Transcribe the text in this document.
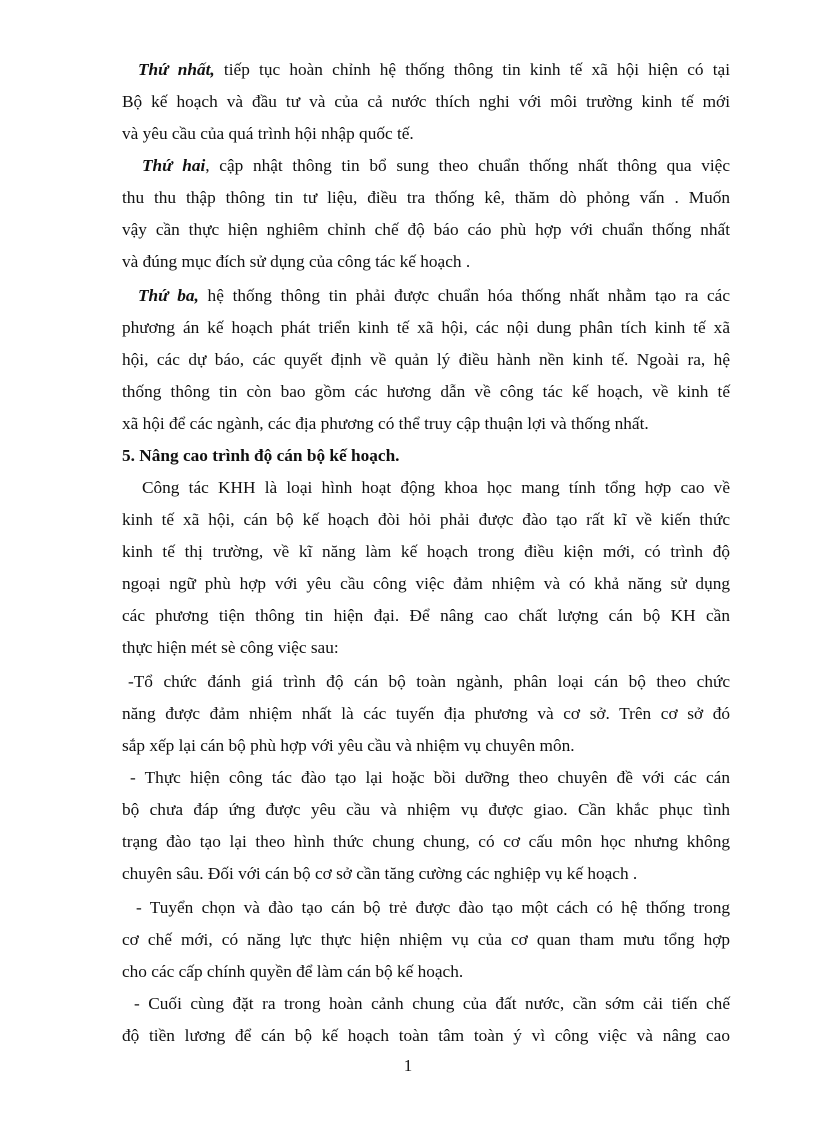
Thứ nhất, tiếp tục hoàn chỉnh hệ thống thông tin kinh tế xã hội hiện có tại
Bộ kế hoạch và đầu tư và của cả nước thích nghi với môi trường kinh tế mới
và yêu cầu của quá trình hội nhập quốc tế.
Thứ hai, cập nhật thông tin bổ sung theo chuẩn thống nhất thông qua việc
thu thu thập thông tin tư liệu, điều tra thống kê, thăm dò phỏng vấn . Muốn
vậy cần thực hiện nghiêm chỉnh chế độ báo cáo phù hợp với chuẩn thống nhất
và đúng mục đích sử dụng của công tác kế hoạch .
Thứ ba, hệ thống thông tin phải được chuẩn hóa thống nhất nhằm tạo ra các
phương án kế hoạch phát triển kinh tế xã hội, các nội dung phân tích kinh tế xã
hội, các dự báo, các quyết định về quản lý điều hành nền kinh tế. Ngoài ra, hệ
thống thông tin còn bao gồm các hương dẫn về công tác kế hoạch, về kinh tế
xã hội để các ngành, các địa phương có thể truy cập thuận lợi và thống nhất.
5. Nâng cao trình độ cán bộ kế hoạch.
Công tác KHH là loại hình hoạt động khoa học mang tính tổng hợp cao về
kinh tế xã hội, cán bộ kế hoạch đòi hỏi phải được đào tạo rất kĩ về kiến thức
kinh tế thị trường, về kĩ năng làm kế hoạch trong điều kiện mới, có trình độ
ngoại ngữ phù hợp với yêu cầu công việc đảm nhiệm và có khả năng sử dụng
các phương tiện thông tin hiện đại. Để nâng cao chất lượng cán bộ KH cần
thực hiện mét sè công việc sau:
-Tổ chức đánh giá trình độ cán bộ toàn ngành, phân loại cán bộ theo chức
năng được đảm nhiệm nhất là các tuyến địa phương và cơ sở. Trên cơ sở đó
sắp xếp lại cán bộ phù hợp với yêu cầu và nhiệm vụ chuyên môn.
- Thực hiện công tác đào tạo lại hoặc bồi dưỡng theo chuyên đề với các cán
bộ chưa đáp ứng được yêu cầu và nhiệm vụ được giao. Cần khắc phục tình
trạng đào tạo lại theo hình thức chung chung, có cơ cấu môn học nhưng không
chuyên sâu. Đối với cán bộ cơ sở cần tăng cường các nghiệp vụ kế hoạch .
- Tuyển chọn và đào tạo cán bộ trẻ được đào tạo một cách có hệ thống trong
cơ chế mới, có năng lực thực hiện nhiệm vụ của cơ quan tham mưu tổng hợp
cho các cấp chính quyền để làm cán bộ kế hoạch.
- Cuối cùng đặt ra trong hoàn cảnh chung của đất nước, cần sớm cải tiến chế
độ tiền lương để cán bộ kế hoạch toàn tâm toàn ý vì công việc và nâng cao
1
